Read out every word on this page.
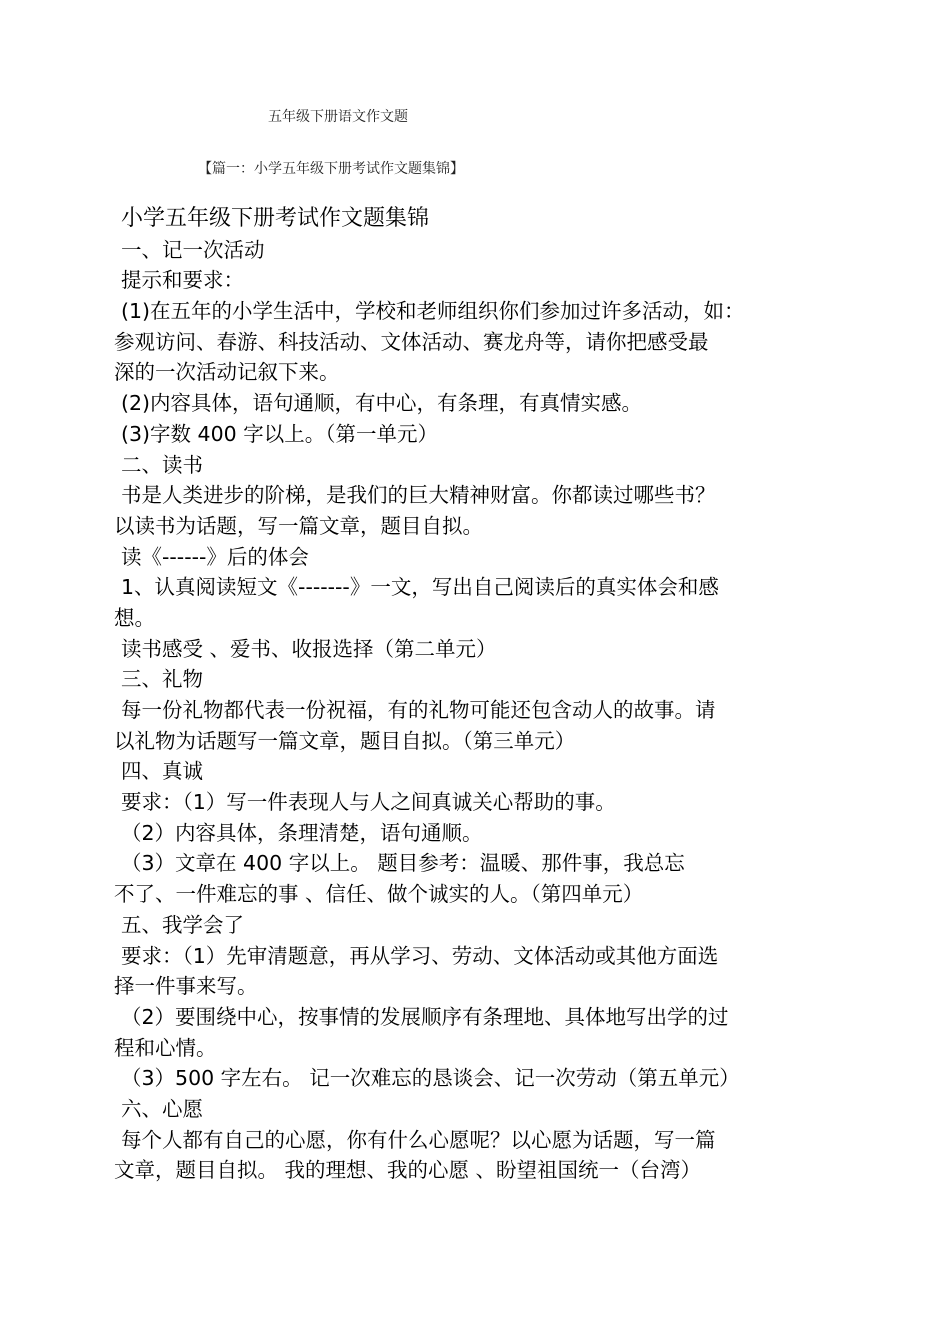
五年级下册语文作文题
【篇一：小学五年级下册考试作文题集锦】
小学五年级下册考试作文题集锦
一、记一次活动
提示和要求：
(1)在五年的小学生活中，学校和老师组织你们参加过许多活动，如：
参观访问、春游、科技活动、文体活动、赛龙舟等，请你把感受最
深的一次活动记叙下来。
(2)内容具体，语句通顺，有中心，有条理，有真情实感。
(3)字数 400 字以上。（第一单元）
二、读书
书是人类进步的阶梯，是我们的巨大精神财富。你都读过哪些书？
以读书为话题，写一篇文章，题目自拟。
读《------》后的体会
1、认真阅读短文《-------》一文，写出自己阅读后的真实体会和感
想。
读书感受 、爱书、收报选择（第二单元）
三、礼物
每一份礼物都代表一份祝福，有的礼物可能还包含动人的故事。请
以礼物为话题写一篇文章，题目自拟。（第三单元）
四、真诚
要求：（1）写一件表现人与人之间真诚关心帮助的事。
（2）内容具体，条理清楚，语句通顺。
（3）文章在 400 字以上。 题目参考：温暖、那件事，我总忘
不了、一件难忘的事 、信任、做个诚实的人。（第四单元）
五、我学会了
要求：（1）先审清题意，再从学习、劳动、文体活动或其他方面选
择一件事来写。
（2）要围绕中心，按事情的发展顺序有条理地、具体地写出学的过
程和心情。
（3）500 字左右。 记一次难忘的恳谈会、记一次劳动（第五单元）
六、心愿
每个人都有自己的心愿，你有什么心愿呢？以心愿为话题，写一篇
文章，题目自拟。 我的理想、我的心愿 、盼望祖国统一（台湾）
